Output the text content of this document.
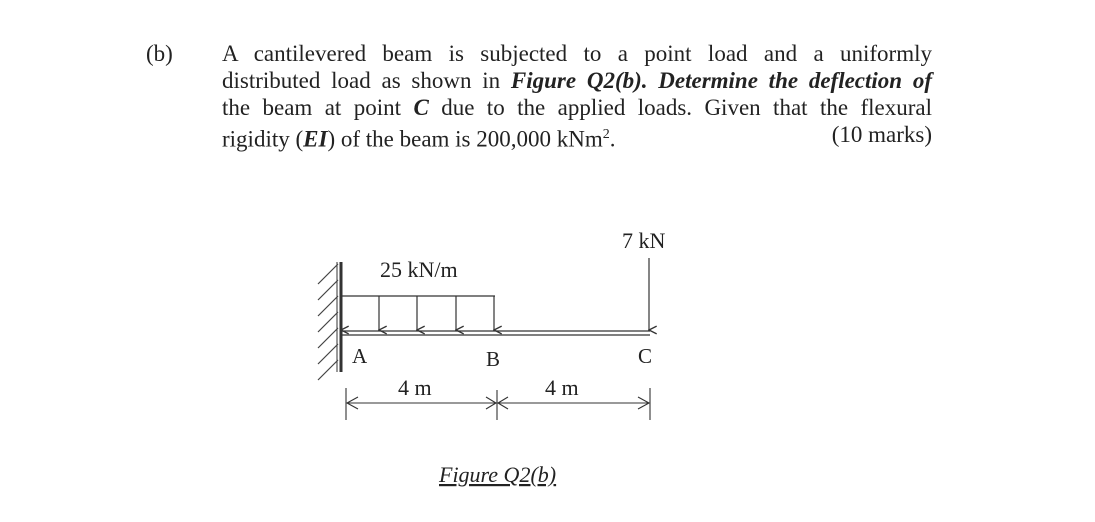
(b) A cantilevered beam is subjected to a point load and a uniformly
distributed load as shown in Figure Q2(b). Determine the deflection of
the beam at point C due to the applied loads. Given that the flexural
rigidity (EI) of the beam is 200,000 kNm$^2$.	(10 marks)
25 kN/m
7 kN
A	B	C
4 m	4 m
Figure Q2(b)
